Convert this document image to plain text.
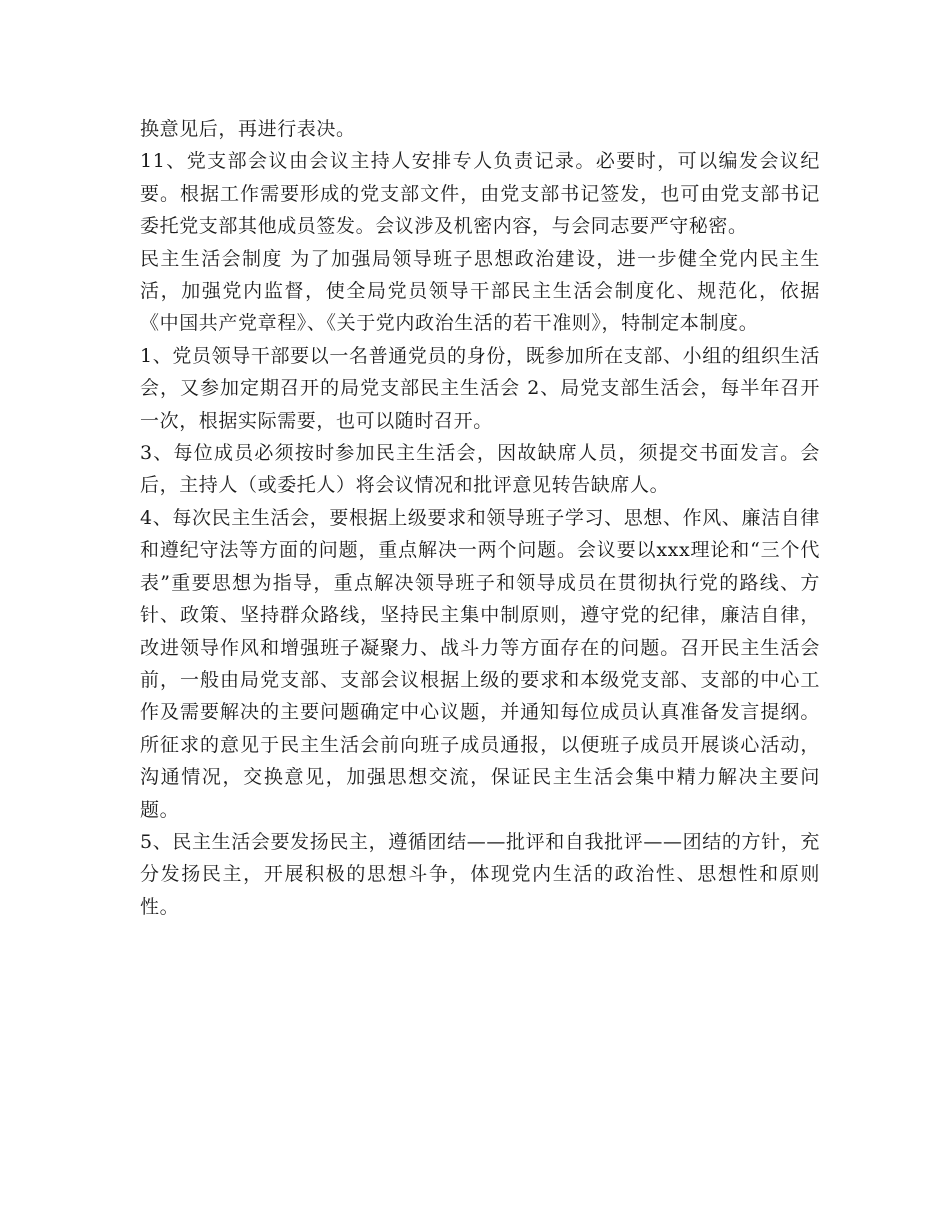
换意见后，再进行表决。

11、党支部会议由会议主持人安排专人负责记录。必要时，可以编发会议纪要。根据工作需要形成的党支部文件，由党支部书记签发，也可由党支部书记委托党支部其他成员签发。会议涉及机密内容，与会同志要严守秘密。

民主生活会制度 为了加强局领导班子思想政治建设，进一步健全党内民主生活，加强党内监督，使全局党员领导干部民主生活会制度化、规范化，依据《中国共产党章程》、《关于党内政治生活的若干准则》，特制定本制度。

1、党员领导干部要以一名普通党员的身份，既参加所在支部、小组的组织生活会，又参加定期召开的局党支部民主生活会 2、局党支部生活会，每半年召开一次，根据实际需要，也可以随时召开。

3、每位成员必须按时参加民主生活会，因故缺席人员，须提交书面发言。会后，主持人（或委托人）将会议情况和批评意见转告缺席人。

4、每次民主生活会，要根据上级要求和领导班子学习、思想、作风、廉洁自律和遵纪守法等方面的问题，重点解决一两个问题。会议要以xxx理论和“三个代表”重要思想为指导，重点解决领导班子和领导成员在贯彻执行党的路线、方针、政策、坚持群众路线，坚持民主集中制原则，遵守党的纪律，廉洁自律，改进领导作风和增强班子凝聚力、战斗力等方面存在的问题。召开民主生活会前，一般由局党支部、支部会议根据上级的要求和本级党支部、支部的中心工作及需要解决的主要问题确定中心议题，并通知每位成员认真准备发言提纲。所征求的意见于民主生活会前向班子成员通报，以便班子成员开展谈心活动，沟通情况，交换意见，加强思想交流，保证民主生活会集中精力解决主要问题。

5、民主生活会要发扬民主，遵循团结——批评和自我批评——团结的方针，充分发扬民主，开展积极的思想斗争，体现党内生活的政治性、思想性和原则性。
